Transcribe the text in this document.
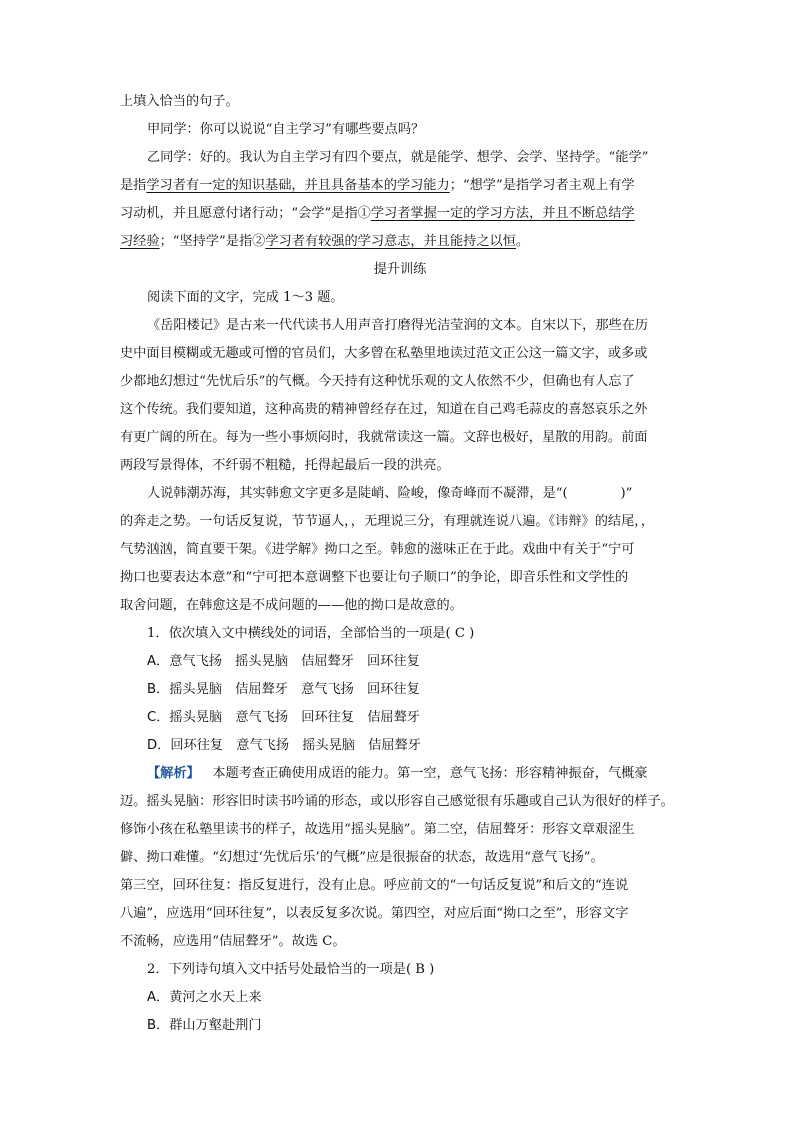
上填入恰当的句子。
甲同学：你可以说说“自主学习”有哪些要点吗？
乙同学：好的。我认为自主学习有四个要点，就是能学、想学、会学、坚持学。“能学”
是指学习者有一定的知识基础，并且具备基本的学习能力；“想学”是指学习者主观上有学
习动机，并且愿意付诸行动；“会学”是指①学习者掌握一定的学习方法，并且不断总结学
习经验；“坚持学”是指②学习者有较强的学习意志，并且能持之以恒。
提升训练
阅读下面的文字，完成 1～3 题。
《岳阳楼记》是古来一代代读书人用声音打磨得光洁莹润的文本。自宋以下，那些在历
史中面目模糊或无趣或可憎的官员们，大多曾在私塾里地读过范文正公这一篇文字，或多或
少都地幻想过“先忧后乐”的气概。今天持有这种忧乐观的文人依然不少，但确也有人忘了
这个传统。我们要知道，这种高贵的精神曾经存在过，知道在自己鸡毛蒜皮的喜怒哀乐之外
有更广阔的所在。每为一些小事烦闷时，我就常读这一篇。文辞也极好，星散的用韵。前面
两段写景得体，不纤弱不粗糙，托得起最后一段的洪亮。
人说韩潮苏海，其实韩愈文字更多是陡峭、险峻，像奇峰而不凝滞，是“(　　　　)”
的奔走之势。一句话反复说，节节逼人，，无理说三分，有理就连说八遍。《讳辩》的结尾，，
气势汹汹，简直要干架。《进学解》拗口之至。韩愈的滋味正在于此。戏曲中有关于“宁可
拗口也要表达本意”和“宁可把本意调整下也要让句子顺口”的争论，即音乐性和文学性的
取舍问题，在韩愈这是不成问题的——他的拗口是故意的。
1．依次填入文中横线处的词语，全部恰当的一项是( C )
A．意气飞扬　摇头晃脑　佶屈聱牙　回环往复
B．摇头晃脑　佶屈聱牙　意气飞扬　回环往复
C．摇头晃脑　意气飞扬　回环往复　佶屈聱牙
D．回环往复　意气飞扬　摇头晃脑　佶屈聱牙
【解析】 本题考查正确使用成语的能力。第一空，意气飞扬：形容精神振奋，气概豪
迈。摇头晃脑：形容旧时读书吟诵的形态，或以形容自己感觉很有乐趣或自己认为很好的样子。
修饰小孩在私塾里读书的样子，故选用“摇头晃脑”。第二空，佶屈聱牙：形容文章艰涩生
僻、拗口难懂。“幻想过‘先忧后乐’的气概”应是很振奋的状态，故选用“意气飞扬”。
第三空，回环往复：指反复进行，没有止息。呼应前文的“一句话反复说”和后文的“连说
八遍”，应选用“回环往复”，以表反复多次说。第四空，对应后面“拗口之至”，形容文字
不流畅，应选用“佶屈聱牙”。故选 C。
2．下列诗句填入文中括号处最恰当的一项是( B )
A．黄河之水天上来
B．群山万壑赴荆门
